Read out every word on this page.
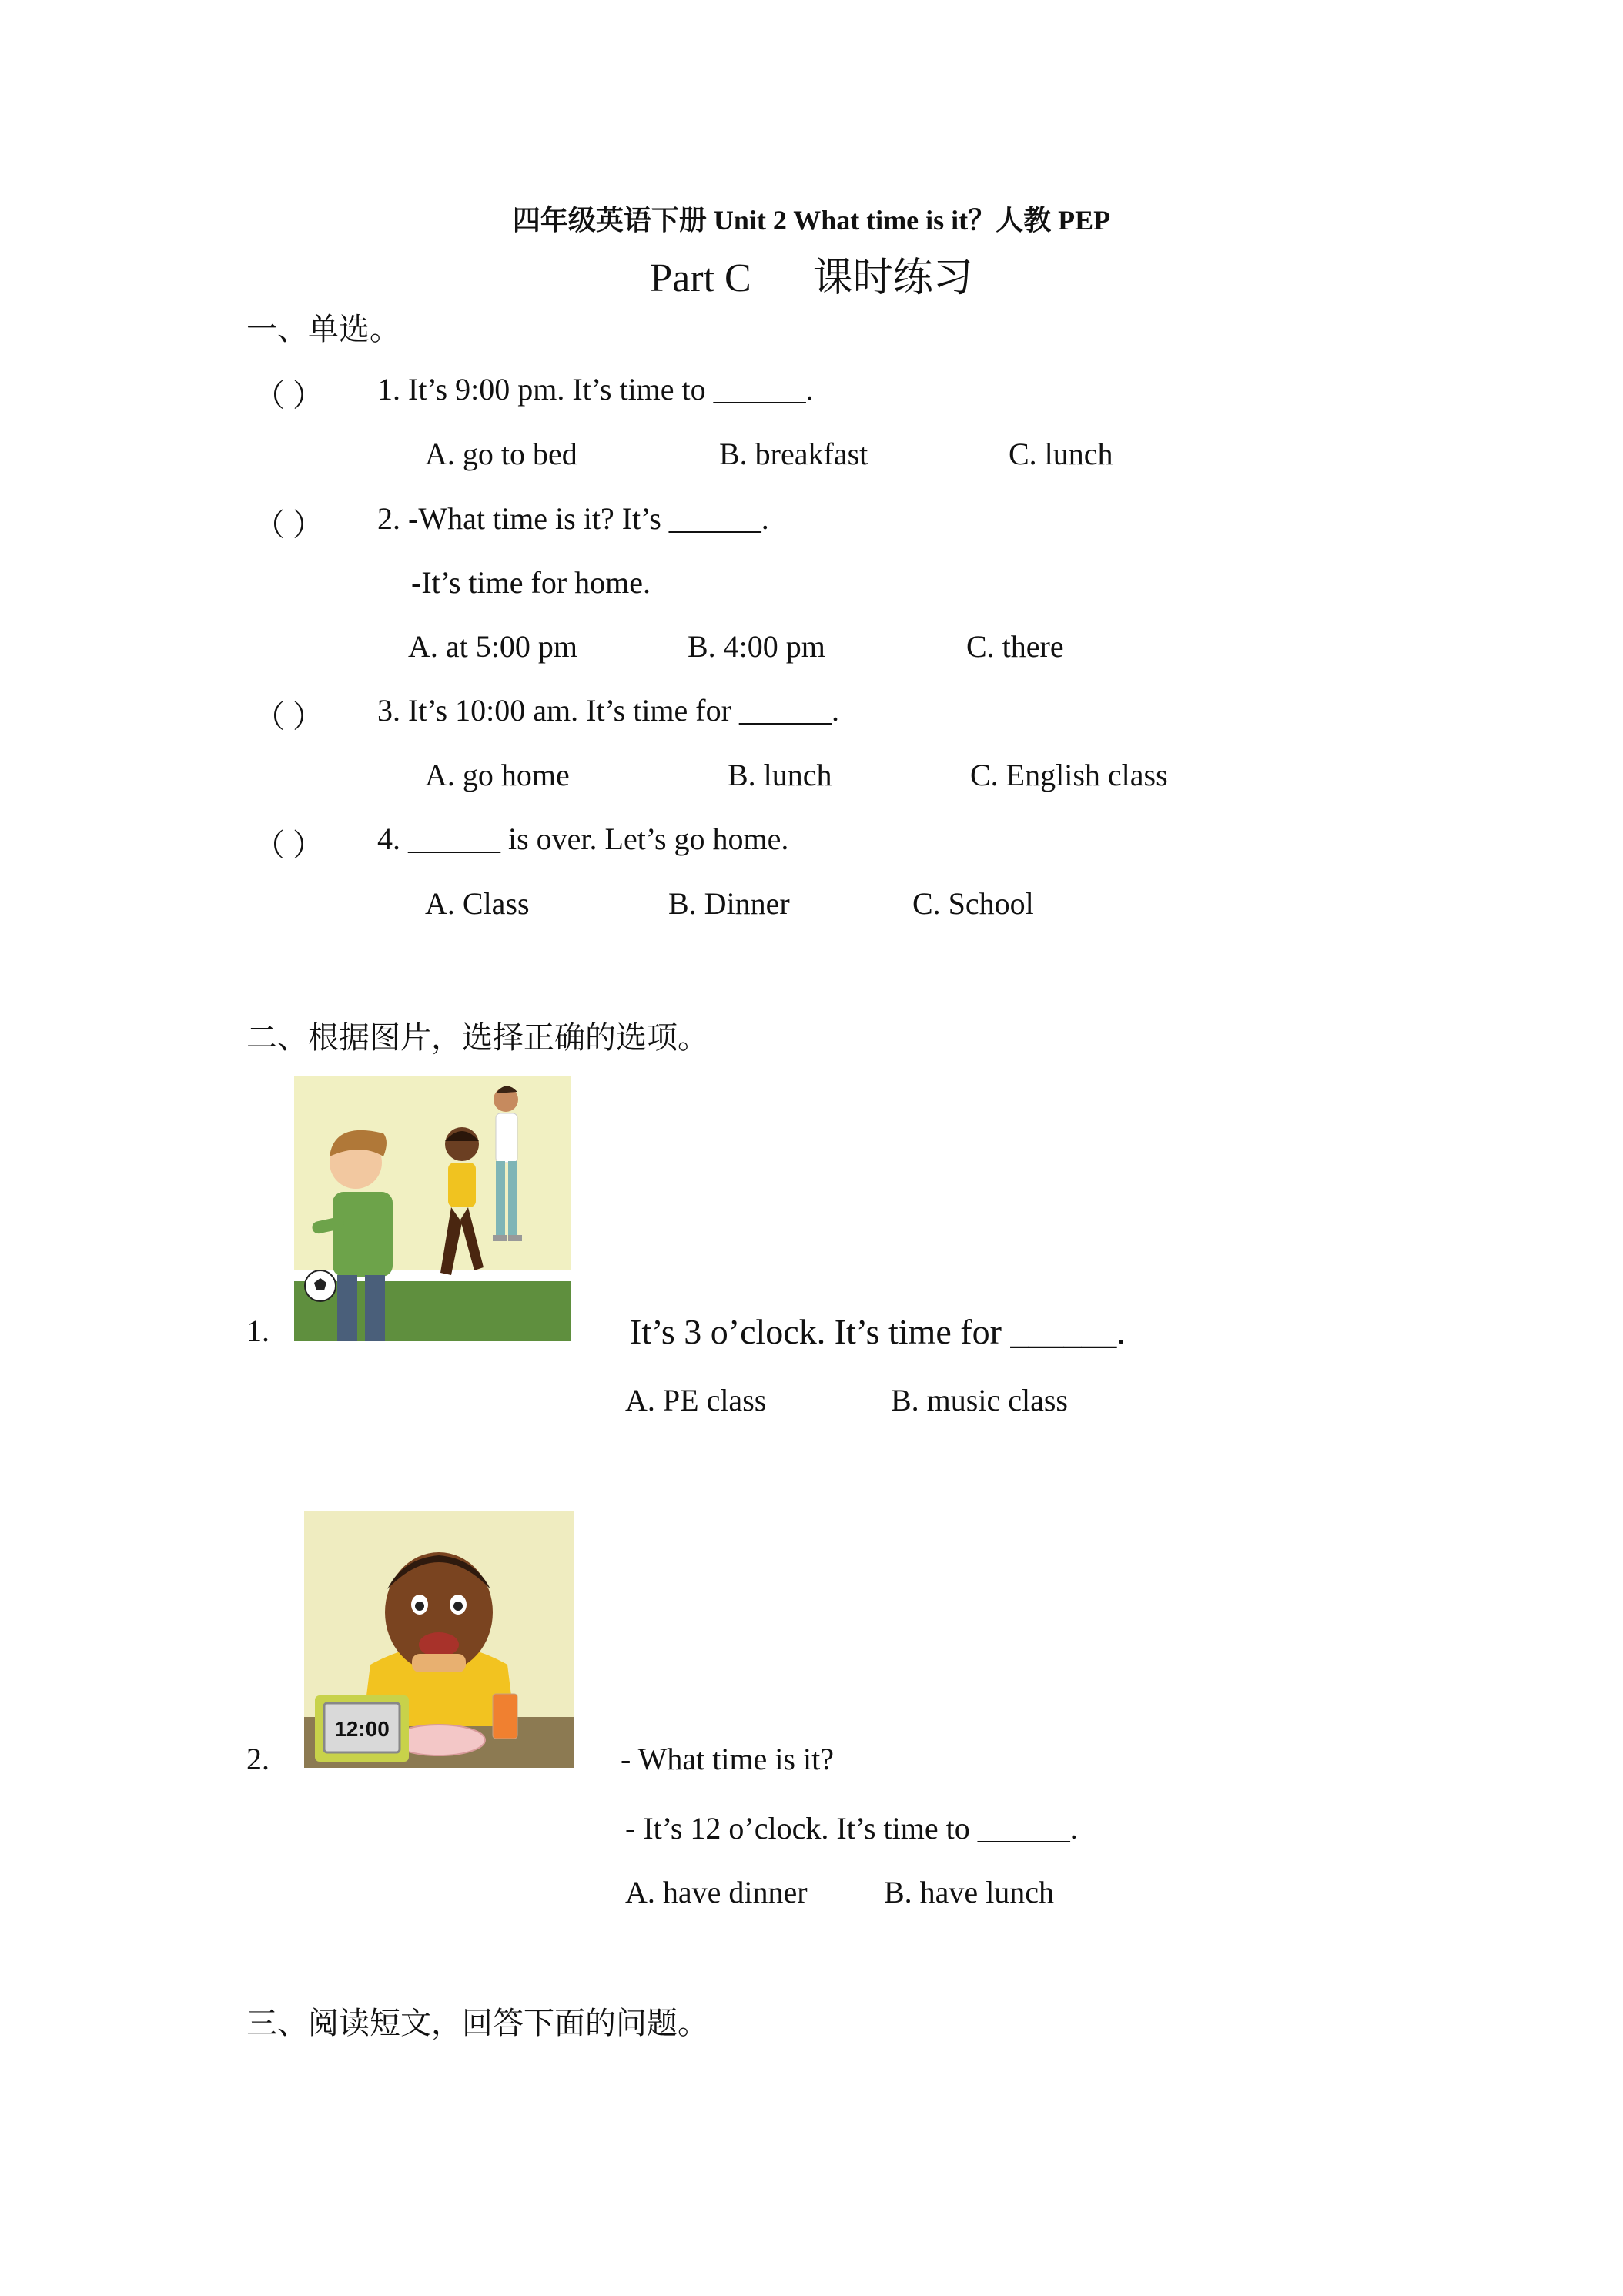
四年级英语下册 Unit 2 What time is it？人教 PEP
Part C 课时练习
一、单选。
（ ） 1. It’s 9:00 pm. It’s time to ______.
A. go to bed	B. breakfast	C. lunch
（ ） 2. -What time is it? It’s ______.
-It’s time for home.
A. at 5:00 pm	B. 4:00 pm	C. there
（ ） 3. It’s 10:00 am. It’s time for ______.
A. go home	B. lunch	C. English class
（ ） 4. ______ is over. Let’s go home.
A. Class	B. Dinner	C. School
二、根据图片，选择正确的选项。
1.	It’s 3 o’clock. It’s time for ______.
A. PE class	B. music class
12:00
2.	- What time is it?
- It’s 12 o’clock. It’s time to ______.
A. have dinner B. have lunch
三、阅读短文，回答下面的问题。
